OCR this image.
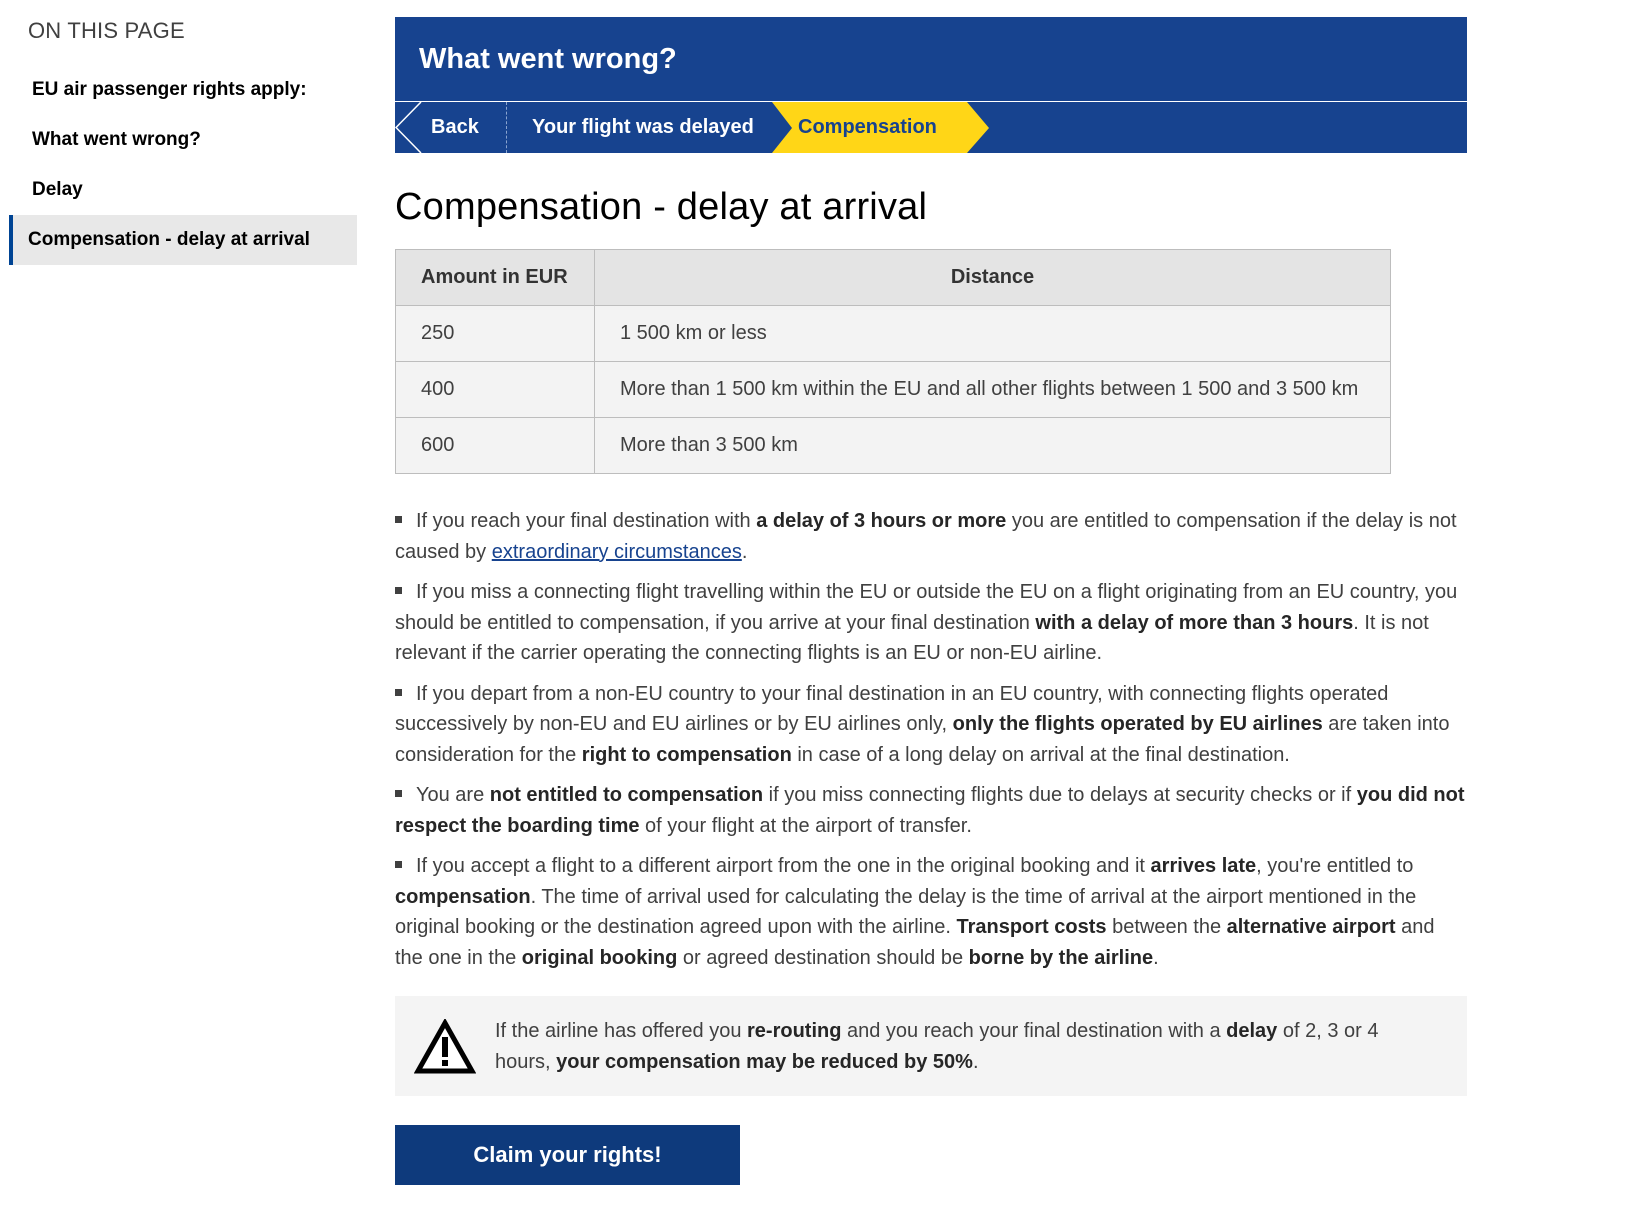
ON THIS PAGE
EU air passenger rights apply:
What went wrong?
Delay
Compensation - delay at arrival
What went wrong?
Back	Your flight was delayed	Compensation
Compensation - delay at arrival
Amount in EUR	Distance
250	1 500 km or less
400	More than 1 500 km within the EU and all other flights between 1 500 and 3 500 km
600	More than 3 500 km
If you reach your final destination with a delay of 3 hours or more you are entitled to compensation if the delay is not caused by extraordinary circumstances.
If you miss a connecting flight travelling within the EU or outside the EU on a flight originating from an EU country, you should be entitled to compensation, if you arrive at your final destination with a delay of more than 3 hours. It is not relevant if the carrier operating the connecting flights is an EU or non-EU airline.
If you depart from a non-EU country to your final destination in an EU country, with connecting flights operated successively by non-EU and EU airlines or by EU airlines only, only the flights operated by EU airlines are taken into consideration for the right to compensation in case of a long delay on arrival at the final destination.
You are not entitled to compensation if you miss connecting flights due to delays at security checks or if you did not respect the boarding time of your flight at the airport of transfer.
If you accept a flight to a different airport from the one in the original booking and it arrives late, you're entitled to compensation. The time of arrival used for calculating the delay is the time of arrival at the airport mentioned in the original booking or the destination agreed upon with the airline. Transport costs between the alternative airport and the one in the original booking or agreed destination should be borne by the airline.
If the airline has offered you re-routing and you reach your final destination with a delay of 2, 3 or 4 hours, your compensation may be reduced by 50%.
Claim your rights!
